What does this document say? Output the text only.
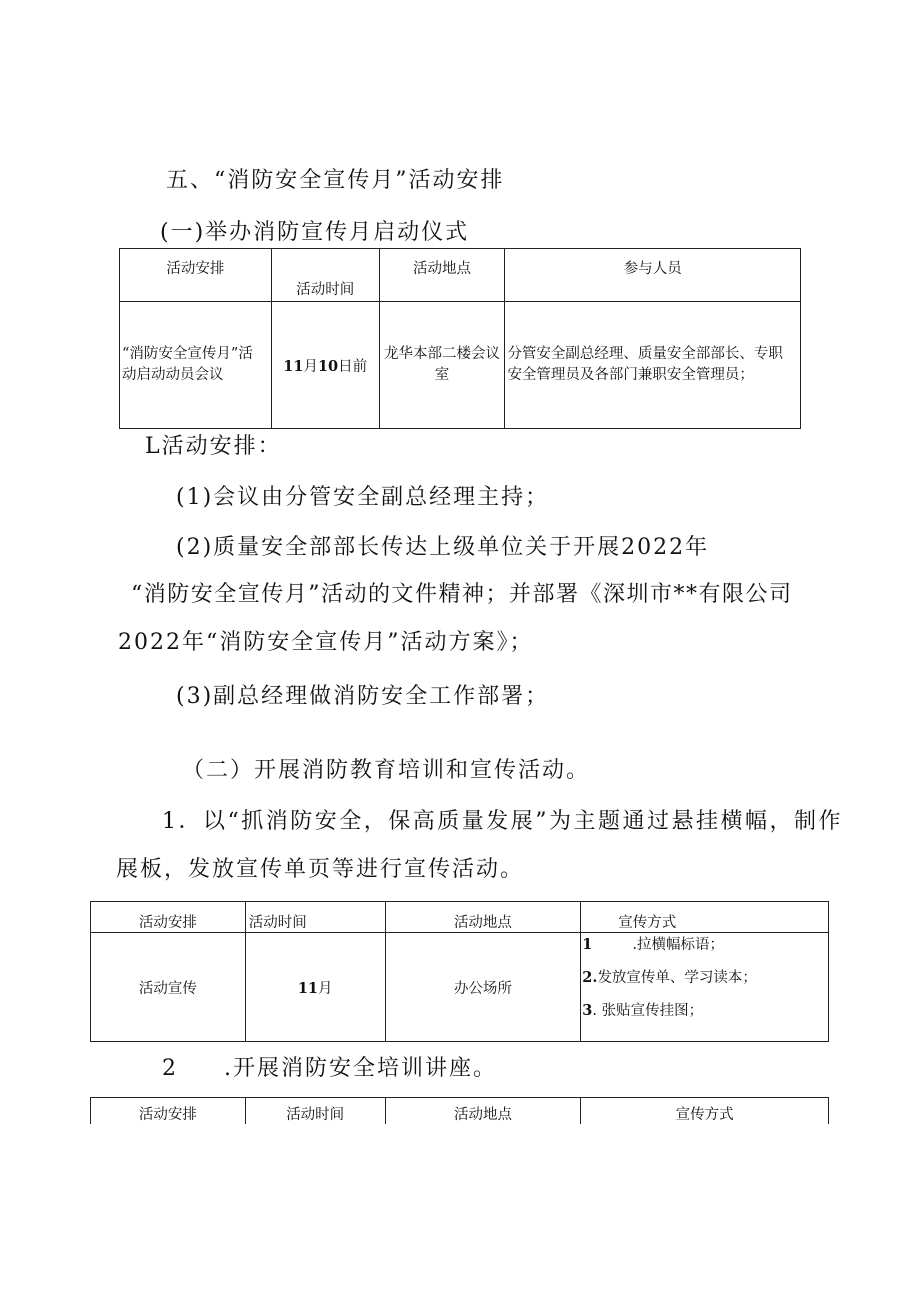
五、“消防安全宣传月”活动安排
(一)举办消防宣传月启动仪式
活动安排	活动时间	活动地点	参与人员
“消防安全宣传月”活动启动动员会议	11月10日前	龙华本部二楼会议室	分管安全副总经理、质量安全部部长、专职安全管理员及各部门兼职安全管理员；
L活动安排：
(1)会议由分管安全副总经理主持；
(2)质量安全部部长传达上级单位关于开展2022年
“消防安全宣传月”活动的文件精神；并部署《深圳市**有限公司
2022年“消防安全宣传月”活动方案》；
(3)副总经理做消防安全工作部署；
（二）开展消防教育培训和宣传活动。
1．以“抓消防安全，保高质量发展”为主题通过悬挂横幅，制作
展板，发放宣传单页等进行宣传活动。
活动安排	活动时间	活动地点	宣传方式
活动宣传	11月	办公场所	1 .拉横幅标语；
2.发放宣传单、学习读本；
3. 张贴宣传挂图；
2 .开展消防安全培训讲座。
活动安排	活动时间	活动地点	宣传方式
